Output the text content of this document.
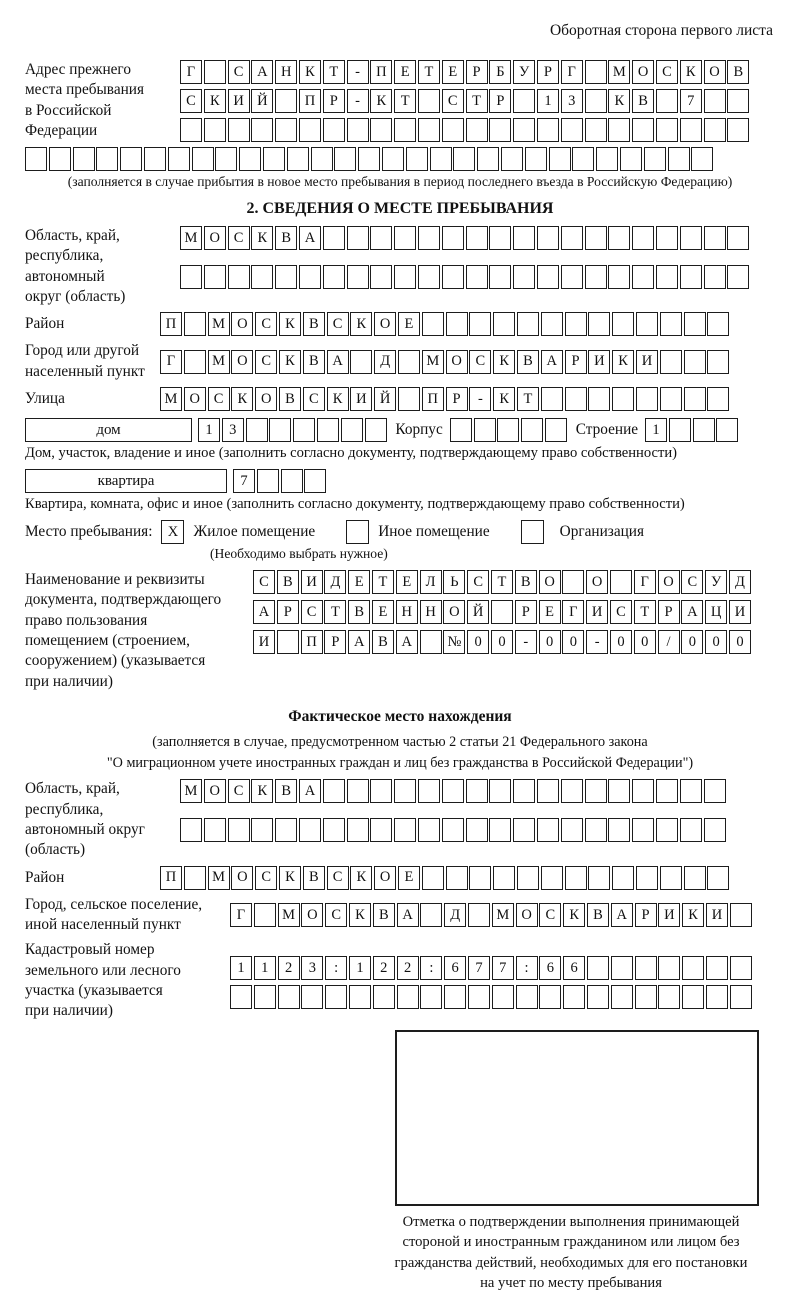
Оборотная сторона первого листа
Адрес прежнего
места пребывания
в Российской
Федерации
Г	С А Н К	Т	-	П Е	Т	Е	Р	Б	У	Р	Г	М О С К О В
С К И Й	П	Р	-	К	Т	С	Т	Р	1	3	К В	7
(заполняется в случае прибытия в новое место пребывания в период последнего въезда в Российскую Федерацию)
2. СВЕДЕНИЯ О МЕСТЕ ПРЕБЫВАНИЯ
Область, край,
республика,
автономный
округ (область)
М О С К В А
Район	П	М О С К В С К О Е
Город или другой
населенный пункт
Г	М О С К В А	Д	М О С К В А	Р	И К И
Улица	М О С К О В С К И Й	П	Р	-	К	Т
дом	1	3	Корпус	Строение 1
Дом, участок, владение и иное (заполнить согласно документу, подтверждающему право собственности)
квартира	7
Квартира, комната, офис и иное (заполнить согласно документу, подтверждающему право собственности)
Место пребывания:	X Жилое помещение	Иное помещение	Организация
(Необходимо выбрать нужное)
Наименование и реквизиты
документа, подтверждающего
право пользования
помещением (строением,
сооружением) (указывается
при наличии)
С В И Д Е	Т	Е Л	Ь	С	Т	В О	О	Г О С У Д
А	Р	С	Т	В	Е Н Н О Й	Р	Е	Г И С	Т	Р	А Ц И
И	П	Р	А В А	№ 0	0	-	0	0	-	0	0	/	0	0	0
Фактическое место нахождения
(заполняется в случае, предусмотренном частью 2 статьи 21 Федерального закона
"О миграционном учете иностранных граждан и лиц без гражданства в Российской Федерации")
Область, край,
республика,
автономный округ
(область)
М О С К В А
Район	П	М О С К В С К О Е
Город, сельское поселение,
иной населенный пункт
Г	М О С К В А	Д	М О С К В А	Р	И К И
Кадастровый номер
земельного или лесного
участка (указывается
при наличии)
1	1	2	3	:	1	2	2	:	6	7	7	:	6	6
Отметка о подтверждении выполнения принимающей
стороной и иностранным гражданином или лицом без
гражданства действий, необходимых для его постановки
на учет по месту пребывания
